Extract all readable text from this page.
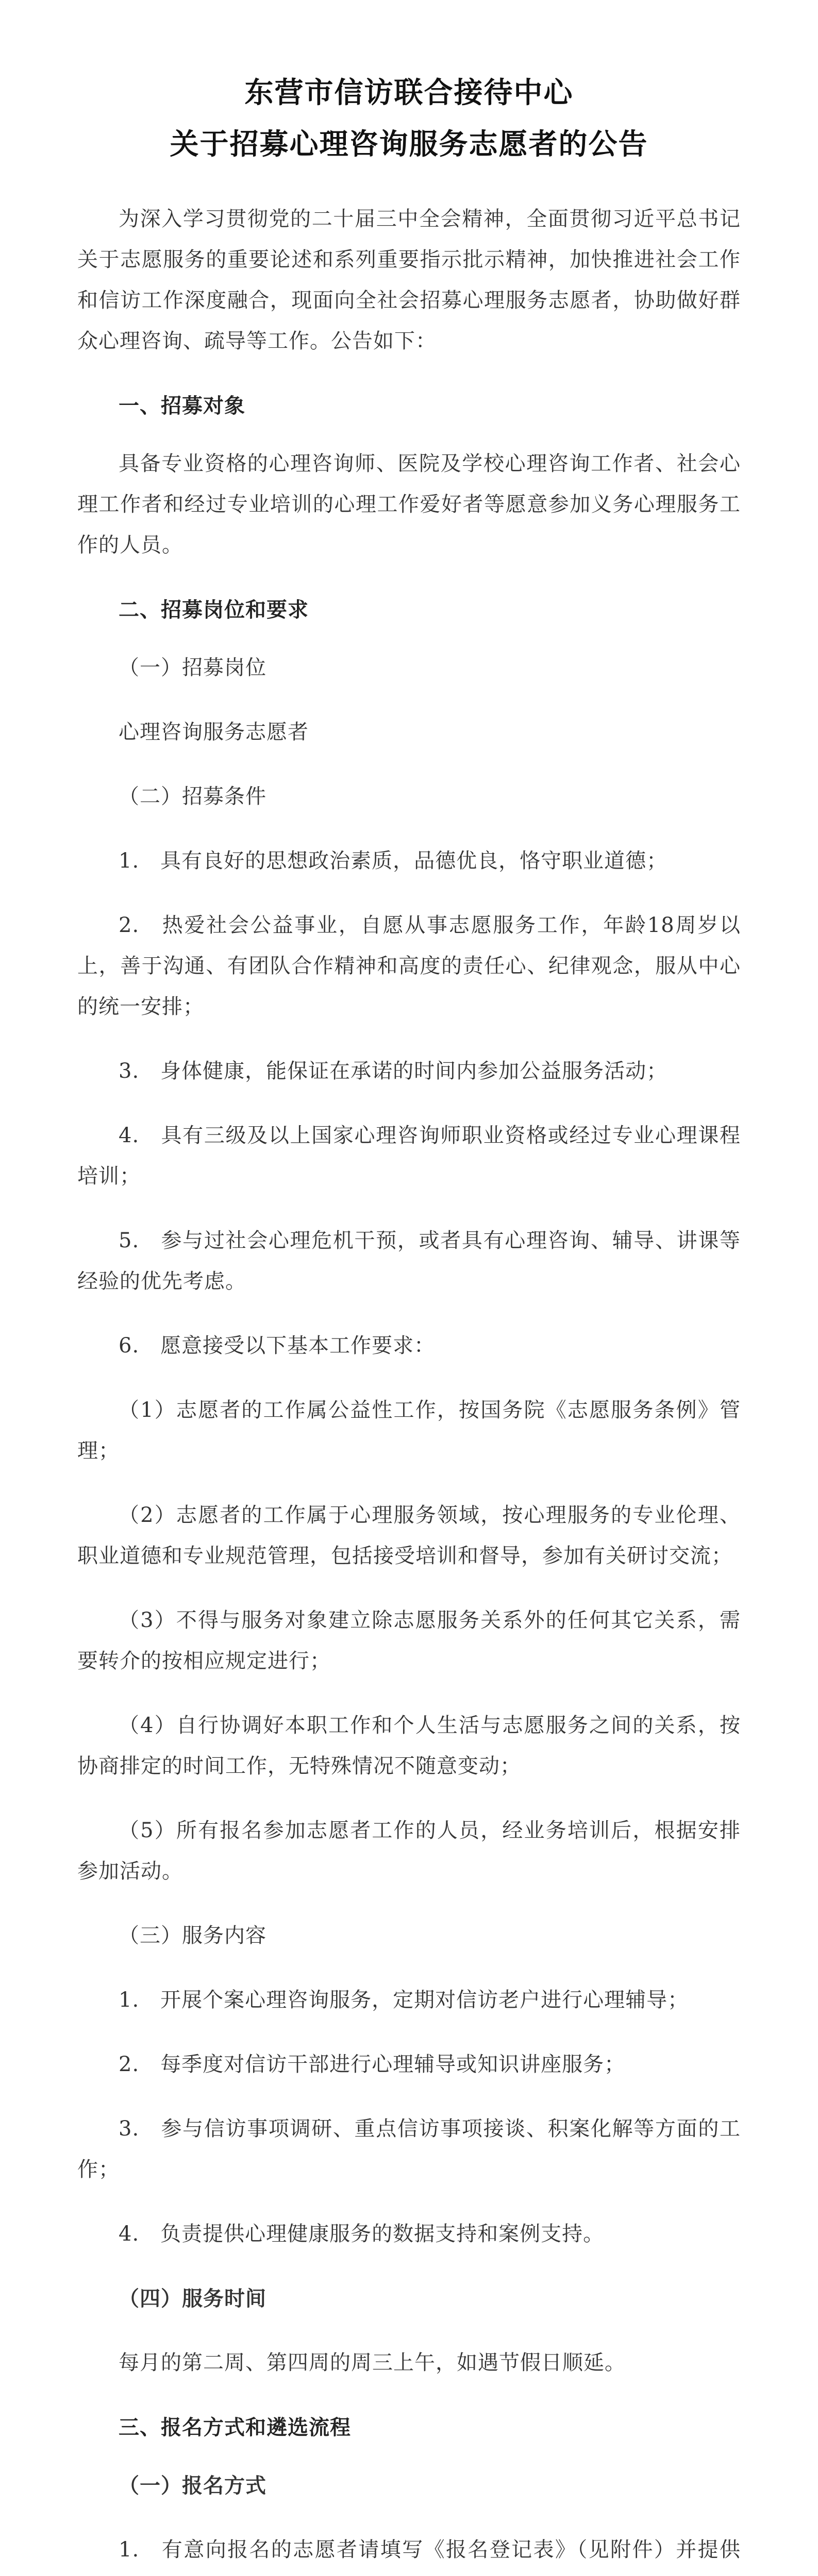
东营市信访联合接待中心
关于招募心理咨询服务志愿者的公告

为深入学习贯彻党的二十届三中全会精神，全面贯彻习近平总书记关于志愿服务的重要论述和系列重要指示批示精神，加快推进社会工作和信访工作深度融合，现面向全社会招募心理服务志愿者，协助做好群众心理咨询、疏导等工作。公告如下：

一、招募对象

具备专业资格的心理咨询师、医院及学校心理咨询工作者、社会心理工作者和经过专业培训的心理工作爱好者等愿意参加义务心理服务工作的人员。

二、招募岗位和要求

（一）招募岗位

心理咨询服务志愿者

（二）招募条件

1.　具有良好的思想政治素质，品德优良，恪守职业道德；

2.　热爱社会公益事业，自愿从事志愿服务工作，年龄18周岁以上，善于沟通、有团队合作精神和高度的责任心、纪律观念，服从中心的统一安排；

3.　身体健康，能保证在承诺的时间内参加公益服务活动；

4.　具有三级及以上国家心理咨询师职业资格或经过专业心理课程培训；

5.　参与过社会心理危机干预，或者具有心理咨询、辅导、讲课等经验的优先考虑。

6.　愿意接受以下基本工作要求：

（1）志愿者的工作属公益性工作，按国务院《志愿服务条例》管理；

（2）志愿者的工作属于心理服务领域，按心理服务的专业伦理、职业道德和专业规范管理，包括接受培训和督导，参加有关研讨交流；

（3）不得与服务对象建立除志愿服务关系外的任何其它关系，需要转介的按相应规定进行；

（4）自行协调好本职工作和个人生活与志愿服务之间的关系，按协商排定的时间工作，无特殊情况不随意变动；

（5）所有报名参加志愿者工作的人员，经业务培训后，根据安排参加活动。

（三）服务内容

1.　开展个案心理咨询服务，定期对信访老户进行心理辅导；

2.　每季度对信访干部进行心理辅导或知识讲座服务；

3.　参与信访事项调研、重点信访事项接谈、积案化解等方面的工作；

4.　负责提供心理健康服务的数据支持和案例支持。

（四）服务时间

每月的第二周、第四周的周三上午，如遇节假日顺延。

三、报名方式和遴选流程

（一）报名方式

1.　有意向报名的志愿者请填写《报名登记表》（见附件）并提供
